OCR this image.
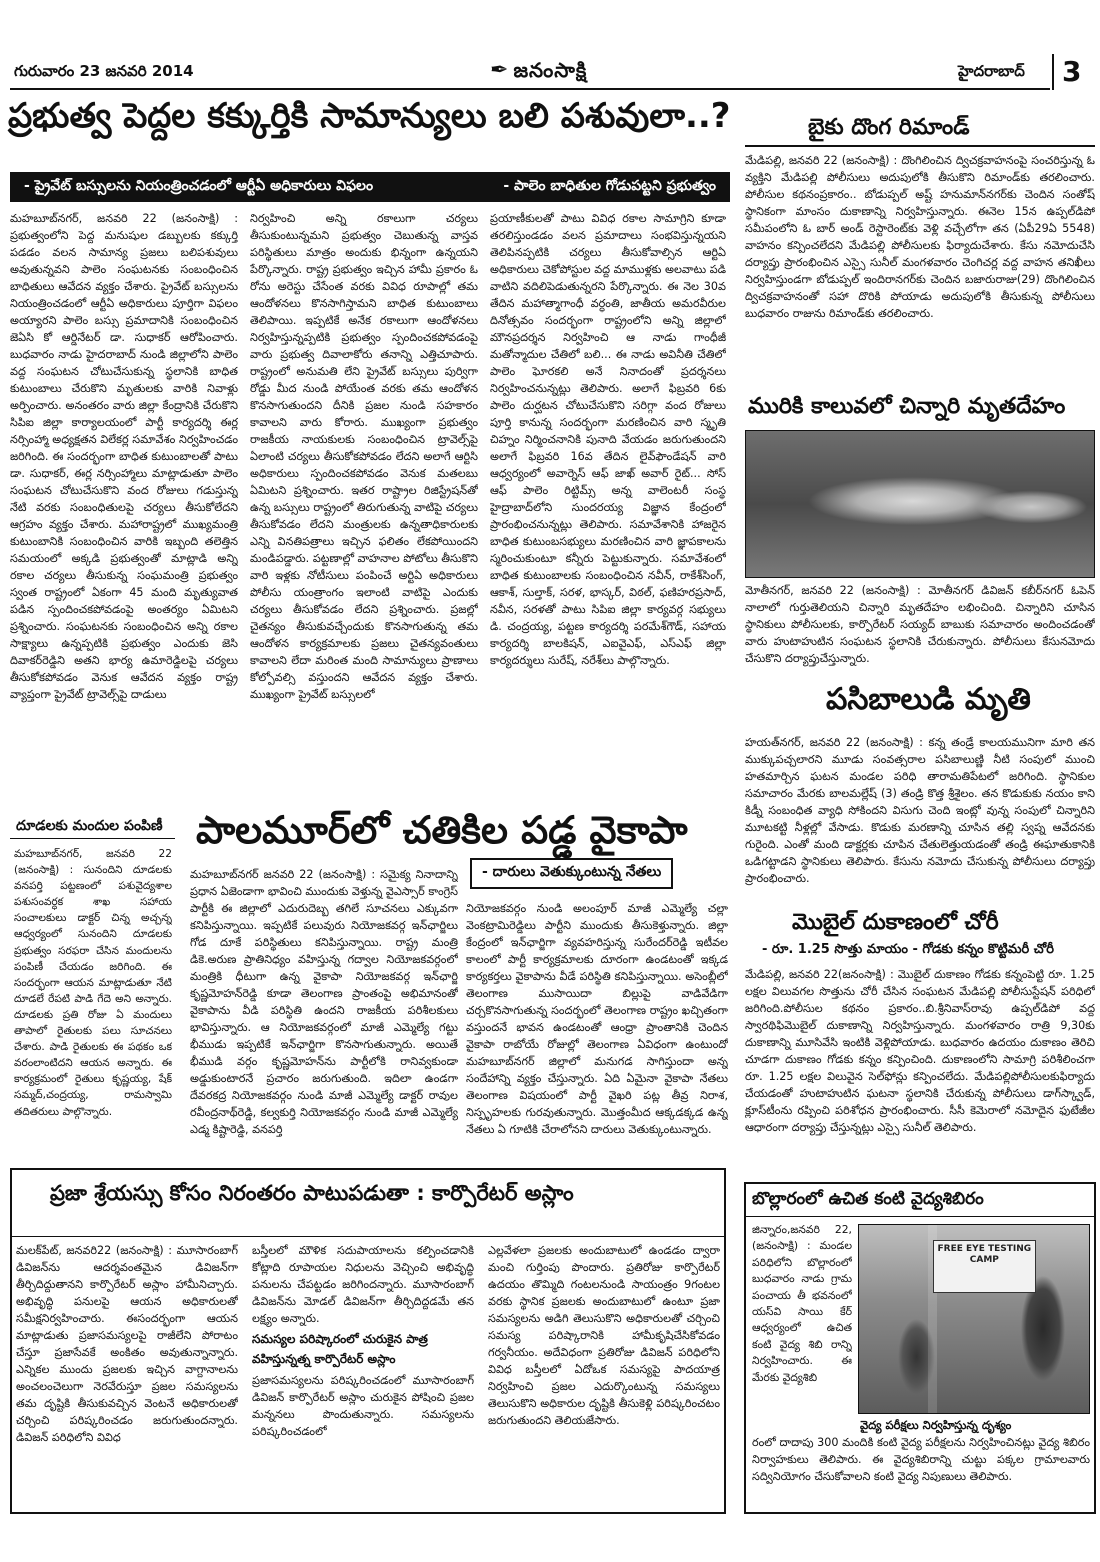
గురువారం 23 జనవరి 2014	✒ జనంసాక్షి	హైదరాబాద్	3
ప్రభుత్వ పెద్దల కక్కుర్తికి సామాన్యులు బలి పశువులా..?
- ప్రైవేట్ బస్సులను నియంత్రించడంలో ఆర్టీఏ అధికారులు విఫలం	- పాలెం బాధితుల గోడుపట్టని ప్రభుత్వం
మహబూబ్‌నగర్, జనవరి 22 (జనంసాక్షి) : ప్రభుత్వంలోని పెద్ద మనుషుల డబ్బులకు కక్కుర్తి పడడం వలన సామాన్య ప్రజలు బలిపశువులు అవుతున్నవని పాలెం సంఘటనకు సంబంధించిన బాధితులు ఆవేదన వ్యక్తం చేశారు. ప్రైవేట్ బస్సులను నియంత్రించడంలో ఆర్టీఏ అధికారులు పూర్తిగా విఫలం అయ్యారని పాలెం బస్సు ప్రమాదానికి సంబంధించిన జెఏసి కో ఆర్డినేటర్ డా. సుధాకర్ ఆరోపించారు. బుధవారం నాడు హైదరాబాద్ నుండి జిల్లాలోని పాలెం వద్ద సంఘటన చోటుచేసుకున్న స్థలానికి బాధిత కుటుంబాలు చేరుకొని మృతులకు వారికి నివాళ్లు అర్పించారు. అనంతరం వారు జిల్లా కేంద్రానికి చేరుకొని సిపిఐ జిల్లా కార్యాలయంలో పార్టీ కార్యదర్శి ఈర్ల నర్సింహ్మా అధ్యక్షతన విలేకర్ల సమావేశం నిర్వహించడం జరిగింది. ఈ సందర్భంగా బాధిత కుటుంబాలతో పాటు డా. సుధాకర్, ఈర్ల నర్సింహ్మాలు మాట్లాడుతూ పాలెం సంఘటన చోటుచేసుకొని వంద రోజులు గడుస్తున్న నేటి వరకు సంబంధితులపై చర్యలు తీసుకోలేదని ఆగ్రహం వ్యక్తం చేశారు. మహారాష్ట్రలో ముఖ్యమంత్రి కుటుంబానికి సంబంధించిన వారికి ఇబ్బంది తలెత్తిన సమయంలో అక్కడి ప్రభుత్వంతో మాట్లాడి అన్ని రకాల చర్యలు తీసుకున్న సంఘమంత్రి ప్రభుత్వం స్వంత రాష్ట్రంలో ఏకంగా 45 మంది మృత్యువాత పడిన స్పందించకపోవడంపై అంతర్యం ఏమిటని ప్రశ్నించారు. సంఘటనకు సంబంధించిన అన్ని రకాల సాక్ష్యాలు ఉన్నప్పటికి ప్రభుత్వం ఎందుకు జెసి దివాకర్‌రెడ్డిని అతని భార్య ఉమారెడ్డిలపై చర్యలు తీసుకోకపోవడం వెనుక ఆవేదన వ్యక్తం రాష్ట్ర వ్యాప్తంగా ప్రైవేట్ ట్రావెల్స్‌పై దాడులు
నిర్వహించి అన్ని రకాలుగా చర్యలు తీసుకుంటున్నమని ప్రభుత్వం చెబుతున్న వాస్తవ పరిస్థితులు మాత్రం అందుకు భిన్నంగా ఉన్నయని పేర్కొన్నారు. రాష్ట్ర ప్రభుత్వం ఇచ్చిన హామీ ప్రకారం ఓ రోను అరెస్టు చేసేంత వరకు వివిధ రూపాల్లో తమ ఆందోళనలు కొనసాగిస్తామని బాధిత కుటుంబాలు తెలిపాయి. ఇప్పటికే అనేక రకాలుగా ఆందోళనలు నిర్వహిస్తున్నప్పటికి ప్రభుత్వం స్పందించకపోవడంపై వారు ప్రభుత్వ దివాలాకోరు తనాన్ని ఎత్తిచూపారు. రాష్ట్రంలో అనుమతి లేని ప్రైవేట్ బస్సులు పుర్విగా రోడ్డు మీద నుండి పోయేంత వరకు తమ ఆందోళన కొనసాగుతుందని దీనికి ప్రజల నుండి సహకారం కావాలని వారు కోరారు. ముఖ్యంగా ప్రభుత్వం రాజకీయ నాయకులకు సంబంధించిన ట్రావెల్స్‌పై ఏలాంటి చర్యలు తీసుకోకపోవడం లేదని అలాగే ఆర్టిసి అధికారులు స్పందించకపోవడం వెనుక మతలబు ఏమిటని ప్రశ్నించారు. ఇతర రాష్ట్రాల రిజిస్ట్రేషన్‌తో ఉన్న బస్సులు రాష్ట్రంలో తిరుగుతున్న వాటిపై చర్యలు తీసుకోవడం లేదని మంత్రులకు ఉన్నతాధికారులకు ఎన్ని వినతిపత్రాలు ఇచ్చిన ఫలితం లేకపోయిందని మండిపడ్డారు. పట్టణాల్లో వాహనాల పోటోలు తీసుకొని వారి ఇళ్లకు నోటీసులు పంపించే అర్టిఏ అధికారులు పోలీసు యంత్రాంగం ఇలాంటి వాటిపై ఎందుకు చర్యలు తీసుకోవడం లేదని ప్రశ్నించారు. ప్రజల్లో చైతన్యం తీసుకువచ్చేందుకు కొనసాగుతున్న తమ ఆందోళన కార్యక్రమాలకు ప్రజలు చైతన్యవంతులు కావాలని లేదా మరింత మంది సామాన్యులు ప్రాణాలు కోల్పోవల్సి వస్తుందని ఆవేదన వ్యక్తం చేశారు. ముఖ్యంగా ప్రైవేట్ బస్సులలో
ప్రయాణీకులతో పాటు వివిధ రకాల సామాగ్రిని కూడా తరలిస్తుండడం వలన ప్రమాదాలు సంభవిస్తున్నయని తెలిపినప్పటికి చర్యలు తీసుకోవాల్సిన ఆర్టిఏ అధికారులు చెకోపోస్టుల వద్ద మాముళ్లకు అలవాటు పడి వాటిని వదిలిపెడుతున్నరని పేర్కొన్నారు. ఈ నెల 30వ తేదిన మహాత్మాగాంధీ వర్ధంతి, జాతీయ అమరవీరుల దినోత్సవం సందర్భంగా రాష్ట్రంలోని అన్ని జిల్లాలో మౌనప్రదర్శన నిర్వహించి ఆ నాడు గాంధీజీ మతోన్మాదుల చేతిలో బలి... ఈ నాడు అవినీతి చేతిలో పాలెం ఘోరకలి అనే నినాదంతో ప్రదర్శనలు నిర్వహించనున్నట్లు తెలిపారు. అలాగే ఫిబ్రవరి 6కు పాలెం దుర్ఘటన చోటుచేసుకొని సరిగ్గా వంద రోజులు పూర్తి కానున్న సందర్భంగా మరణించిన వారి స్మృతి చిహ్నం నిర్మించనానికి పునాది వేయడం జరుగుతుందని అలాగే ఫిబ్రవరి 16వ తేదిన లైవ్‌ఫౌండేషన్ వారి ఆధ్వర్యంలో అవార్నెస్ ఆఫ్ జాఖ్ అవార్ రైట్... సోస్ ఆఫ్ పాలెం రిట్టిమ్స్ అన్న వాలెంటరీ సంస్థ హైద్రాబాద్‌లోని సుందరయ్య విజ్ఞాన కేంద్రంలో ప్రారంభించనున్నట్లు తెలిపారు. సమావేశానికి హాజరైన బాధిత కుటుంబసభ్యులు మరణించిన వారి జ్ఞాపకాలను స్మరించుకుంటూ కన్నీరు పెట్టుకున్నారు. సమావేశంలో బాధిత కుటుంబాలకు సంబంధించిన నవీన్, రాకేశ్‌సింగ్, ఆకాశ్, సుల్తాక్, సరళ, భాస్కర్, విఠల్, ఫణిహరప్రసాద్, నవీన, సరళతో పాటు సిపిఐ జిల్లా కార్యవర్గ సభ్యులు డి. చంద్రయ్య, పట్టణ కార్యదర్శి పరమేశ్‌గౌడ్, సహాయ కార్యదర్శి బాలకిషన్, ఎఐవైఎఫ్, ఎస్ఎఫ్ జిల్లా కార్యదర్శులు సురేష్, నరేశ్‌లు పాల్గొన్నారు.
బైకు దొంగ రిమాండ్
మేడిపల్లి, జనవరి 22 (జనంసాక్షి) : దొంగిలించిన ద్విచక్రవాహనంపై సంచరిస్తున్న ఓ వ్యక్తిని మేడిపల్లి పోలీసులు అదుపులోకి తీసుకొని రిమాండ్‌కు తరలించారు. పోలీసుల కథనంప్రకారం.. బోడుప్పల్ అష్ట్ హనుమాన్‌నగర్‌కు చెందిన సంతోష్ స్థానికంగా మాంసం దుకాణాన్ని నిర్వహిస్తున్నారు. ఈనెల 15న ఉప్పల్‌డిపో సమీపంలోని ఓ బార్ అండ్ రెస్టారెంట్‌కు వెళ్లి వచ్చేలోగా తన (ఏపీ29ఏ 5548) వాహనం కన్పించలేదని మేడిపల్లి పోలీసులకు ఫిర్యాదుచేశారు. కేసు నమోదుచేసి దర్యాప్తు ప్రారంభించిన ఎస్సై సునీల్ మంగళవారం చెంగిచర్ల వద్ద వాహన తనిఖీలు నిర్వహిస్తుండగా బోడుప్పల్ ఇందిరానగర్‌కు చెందిన బజారురాజు(29) దొంగిలించిన ద్విచక్రవాహనంతో సహా దొరికి పోయాడు అదుపులోకి తీసుకున్న పోలీసులు బుధవారం రాజును రిమాండ్‌కు తరలించారు.
మురికి కాలువలో చిన్నారి మృతదేహం
మోతీనగర్, జనవరి 22 (జనంసాక్షి) : మోతీనగర్ డివిజన్ కబీర్‌నగర్ ఓపెన్ నాలాలో గుర్తుతెలియని చిన్నారి మృతదేహం లభించింది. చిన్నారిని చూసిన స్థానికులు పోలీసులకు, కార్పొరేటర్ సయ్యద్ బాబుకు సమాచారం అందించడంతో వారు హుటాహుటిన సంఘటన స్థలానికి చేరుకున్నారు. పోలీసులు కేసునమోదు చేసుకొని దర్యాప్తుచేస్తున్నారు.
పసిబాలుడి మృతి
హయత్‌నగర్, జనవరి 22 (జనంసాక్షి) : కన్న తండ్రే కాలయమునిగా మారి తన ముక్కుపచ్చలారని మూడు సంవత్సరాల పసిబాలుణ్ణి నీటి సంపులో ముంచి హతమార్చిన ఘటన మండల పరిధి తారామతిపేటలో జరిగింది. స్థానికుల సమాచారం మేరకు బాలమల్లేష్ (3) తండ్రి కొత్త శ్రీశైలం. తన కొడుకుకు నయం కాని కిడ్నీ సంబంధిత వ్యాధి సోకిందని విసుగు చెంది ఇంట్లో వున్న సంపులో చిన్నారిని మూటకట్టి నీళ్లల్లో వేసాడు. కొడుకు మరణాన్ని చూసిన తల్లి స్వప్న ఆవేదనకు గురైంది. ఎంతో మంది డాక్టర్లకు చూపిన చేతులెత్తుయడంతో తండ్రి ఈఘాతుకానికి ఒడిగట్టాడని స్థానికులు తెలిపారు. కేసును నమోదు చేసుకున్న పోలీసులు దర్యాప్తు ప్రారంభించారు.
మొబైల్ దుకాణంలో చోరీ
- రూ. 1.25 సొత్తు మాయం - గోడకు కన్నం కొట్టిమరీ చోరీ
మేడిపల్లి, జనవరి 22(జనంసాక్షి) : మొబైల్ దుకాణం గోడకు కన్నంపెట్టి రూ. 1.25 లక్షల విలువగల సొత్తును చోరీ చేసిన సంఘటన మేడిపల్లి పోలీసుస్టేషన్ పరిధిలో జరిగింది.పోలీసుల కథనం ప్రకారం..బి.శ్రీనివాస్‌రావు ఉప్పల్‌డిపో వద్ద స్వారథిఫిమొబైల్ దుకాణాన్ని నిర్వహిస్తున్నారు. మంగళవారం రాత్రి 9,30కు దుకాణాన్ని మూసివేసి ఇంటికి వెళ్లిపోయాడు. బుధవారం ఉదయం దుకాణం తెరిచి చూడగా దుకాణం గోడకు కన్నం కన్పించింది. దుకాణంలోని సామాగ్రి పరిశీలించగా రూ. 1.25 లక్షల విలువైన సెల్‌ఫోన్లు కన్పించలేదు. మేడిపల్లిపోలీసులకుఫిర్యాదు చేయడంతో హుటాహుటిన ఘటనా స్థలానికి చేరుకున్న పోలీసులు డాగ్‌స్క్వాడ్, క్లూస్‌టీంను రప్పించి పరిశోధన ప్రారంభించారు. సీసీ కెమెరాలో నమోదైన ఫుటేజీల ఆధారంగా దర్యాప్తు చేస్తున్నట్లు ఎస్సై సునీల్ తెలిపారు.
దూడలకు మందుల పంపిణీ
మహబూబ్‌నగర్, జనవరి 22 (జనంసాక్షి) : సునందిని దూడలకు వనపర్తి పట్టణంలో పశువైద్యశాల పశుసంవర్ధక శాఖ సహాయ సంచాలకులు డాక్టర్ చిన్న అచ్చన్న ఆధ్వర్యంలో సునందిని దూడలకు ప్రభుత్వం సరఫరా చేసిన మందులను పంపిణీ చేయడం జరిగింది. ఈ సందర్భంగా ఆయన మాట్లాడుతూ నేటి దూడలే రేపటి పాడి గేదె అని అన్నారు. దూడలకు ప్రతి రోజు ఏ మందులు తాపాలో రైతులకు పలు సూచనలు చేశారు. పాడి రైతులకు ఈ పథకం ఒక వరంలాంటిదని ఆయన అన్నారు. ఈ కార్యక్రమంలో రైతులు కృష్ణయ్య, షేక్ సమ్మద్,చంద్రయ్య, రామస్వామి తదితరులు పాల్గొన్నారు.
పాలమూర్‌లో చతికిల పడ్డ వైకాపా
- దారులు వెతుక్కుంటున్న నేతలు
మహబూబ్‌నగర్ జనవరి 22 (జనంసాక్షి) : సమైక్య నినాదాన్ని ప్రధాన ఏజెండాగా భావించి ముందుకు వెళ్తున్న వైఎస్సార్ కాంగ్రెస్ పార్టీకి ఈ జిల్లాలో ఎదురుదెబ్బ తగిలే సూచనలు ఎక్కువగా కనిపిస్తున్నాయి. ఇప్పటికే పలువురు నియోజకవర్గ ఇన్‌ఛార్జిలు గోడ దూకే పరిస్థితులు కనిపిస్తున్నాయి. రాష్ట్ర మంత్రి డికె.అరుణ ప్రాతినిధ్యం వహిస్తున్న గద్వాల నియోజకవర్గంలో మంత్రికి ధీటుగా ఉన్న వైకాపా నియోజకవర్గ ఇన్‌ఛార్జి కృష్ణమోహన్‌రెడ్డి కూడా తెలంగాణ ప్రాంతంపై అభిమానంతో వైకాపాను వీడి పరిస్థితి ఉందని రాజకీయ పరిశీలకులు భావిస్తున్నారు. ఆ నియోజకవర్గంలో మాజీ ఎమ్మెల్యే గట్టు భీముడు ఇప్పటికే ఇన్‌ఛార్జిగా కొనసాగుతున్నారు. అయితే భీముడి వర్గం కృష్ణమోహన్‌ను పార్టీలోకి రానివ్వకుండా అడ్డుకుంటారనే ప్రచారం జరుగుతుంది. ఇదిలా ఉండగా దేవరకద్ర నియోజకవర్గం నుండి మాజీ ఎమ్మెల్యే డాక్టర్ రావుల రవీంద్రనాథ్‌రెడ్డి, కల్వకుర్తి నియోజకవర్గం నుండి మాజీ ఎమ్మెల్యే ఎడ్మ కిష్టారెడ్డి, వనపర్తి
నియోజకవర్గం నుండి అలంపూర్ మాజీ ఎమ్మెల్యే చల్లా వెంకట్రామిరెడ్డిలు పార్టీని ముందుకు తీసుకెళ్తున్నారు. జిల్లా కేంద్రంలో ఇన్‌ఛార్జిగా వ్యవహరిస్తున్న సురేందర్‌రెడ్డి ఇటీవల కాలంలో పార్టీ కార్యక్రమాలకు దూరంగా ఉండటంతో ఇక్కడ కార్యకర్తలు వైకాపాను వీడే పరిస్థితి కనిపిస్తున్నాయి. అసెంబ్లీలో తెలంగాణ ముసాయిదా బిల్లుపై వాడివేడిగా చర్చకొనసాగుతున్న సందర్భంలో తెలంగాణ రాష్ట్రం ఖచ్చితంగా వస్తుందనే భావన ఉండటంతో ఆంధ్రా ప్రాంతానికి చెందిన వైకాపా రాబోయే రోజుల్లో తెలంగాణ ఏవిధంగా ఉంటుందో మహబూబ్‌నగర్ జిల్లాలో మనుగడ సాగిస్తుందా అన్న సందేహాన్ని వ్యక్తం చేస్తున్నారు. ఏది ఏమైనా వైకాపా నేతలు తెలంగాణ విషయంలో పార్టీ వైఖరి పట్ల తీవ్ర నిరాశ, నిస్పృహలకు గురవుతున్నారు. మొత్తంమీద ఆక్కడక్కడ ఉన్న నేతలు ఏ గూటికి చేరాలోనని దారులు వెతుక్కుంటున్నారు.
ప్రజా శ్రేయస్సు కోసం నిరంతరం పాటుపడుతా : కార్పొరేటర్ అస్లాం
మలక్‌పేట్, జనవరి22 (జనంసాక్షి) : మూసారంబాగ్ డివిజన్‌ను ఆదర్శవంతమైన డివిజన్‌గా తీర్చిదిద్దుతానని కార్పొరేటర్ అస్లాం హామీనిచ్చారు. అభివృద్ధి పనులపై ఆయన అధికారులతో సమీక్షనిర్వహించారు. ఈసందర్భంగా ఆయన మాట్లాడుతు ప్రజాసమస్యలపై రాజీలేని పోరాటం చేస్తూ ప్రజాసేవకే అంకితం అవుతున్నాన్నారు. ఎన్నికల ముందు ప్రజలకు ఇచ్చిన వాగ్దానాలను అంచలంచెలుగా నెరవేరుస్తూ ప్రజల సమస్యలను తమ దృష్టికి తీసుకువచ్చిన వెంటనే అధికారులతో చర్చించి పరిష్కరించడం జరుగుతుందన్నారు. డివిజన్ పరిధిలోని వివిధ
బస్తీలలో మౌళిక సదుపాయాలను కల్పించడానికి కోట్లాది రూపాయల నిధులను వెచ్చించి అభివృద్ధి పనులను చేపట్టడం జరిగిందన్నారు. మూసారంబాగ్ డివిజన్‌ను మోడల్ డివిజన్‌గా తీర్చిదిద్దడమే తన లక్ష్యం అన్నారు.
సమస్యల పరిష్కారంలో చురుకైన పాత్ర
వహిస్తున్నత్న కార్పొరేటర్ అస్లాం
ప్రజాసమస్యలను పరిష్కరించడంలో మూసారంబాగ్ డివిజన్ కార్పొరేటర్ అస్లాం చురుకైన పోషించి ప్రజల మన్ననలు పొందుతున్నారు. సమస్యలను పరిష్కరించడంలో
ఎల్లవేళలా ప్రజలకు అందుబాటులో ఉండడం ద్వారా మంచి గుర్తింపు పొందారు. ప్రతిరోజు కార్పొరేటర్ ఉదయం తొమ్మిది గంటలనుండి సాయంత్రం 9గంటల వరకు స్థానిక ప్రజలకు అందుబాటులో ఉంటూ ప్రజా సమస్యలను అడిగి తెలుసుకొని అధికారులతో చర్చించి సమస్య పరిష్కారానికి హామీకృషిచేసికోవడం గర్వనీయం. అదేవిధంగా ప్రతిరోజు డివిజన్ పరిధిలోని వివిధ బస్తీలలో ఏదోఒక సమస్యపై పాదయాత్ర నిర్వహించి ప్రజల ఎదుర్కొంటున్న సమస్యలు తెలుసుకొని అధికారుల దృష్టికి తీసుకెళ్లి పరిష్కరించటం జరుగుతుందని తెలియజేసారు.
బొల్లారంలో ఉచిత కంటి వైద్యశిబిరం
జిన్నారం,జనవరి 22, (జనంసాక్షి) : మండల పరిధిలోని బొల్లారంలో బుధవారం నాడు గ్రామ పంచాయ తీ భవనంలో యస్‌వి సాయి కేర్ ఆధ్వర్యంలో ఉచిత కంటి వైద్య శిబి రాన్ని నిర్వహించారు. ఈ మేరకు వైద్యశిబి
FREE EYE TESTING CAMP
వైద్య పరీక్షలు నిర్వహిస్తున్న దృశ్యం
రంలో దాదాపు 300 మందికి కంటి వైద్య పరీక్షలను నిర్వహించినట్లు వైద్య శిబిరం నిర్వాహకులు తెలిపారు. ఈ వైద్యశిబిరాన్ని చుట్టు పక్కల గ్రామాలవారు సద్వినియోగం చేసుకోవాలని కంటి వైద్య నిపుణులు తెలిపారు.
